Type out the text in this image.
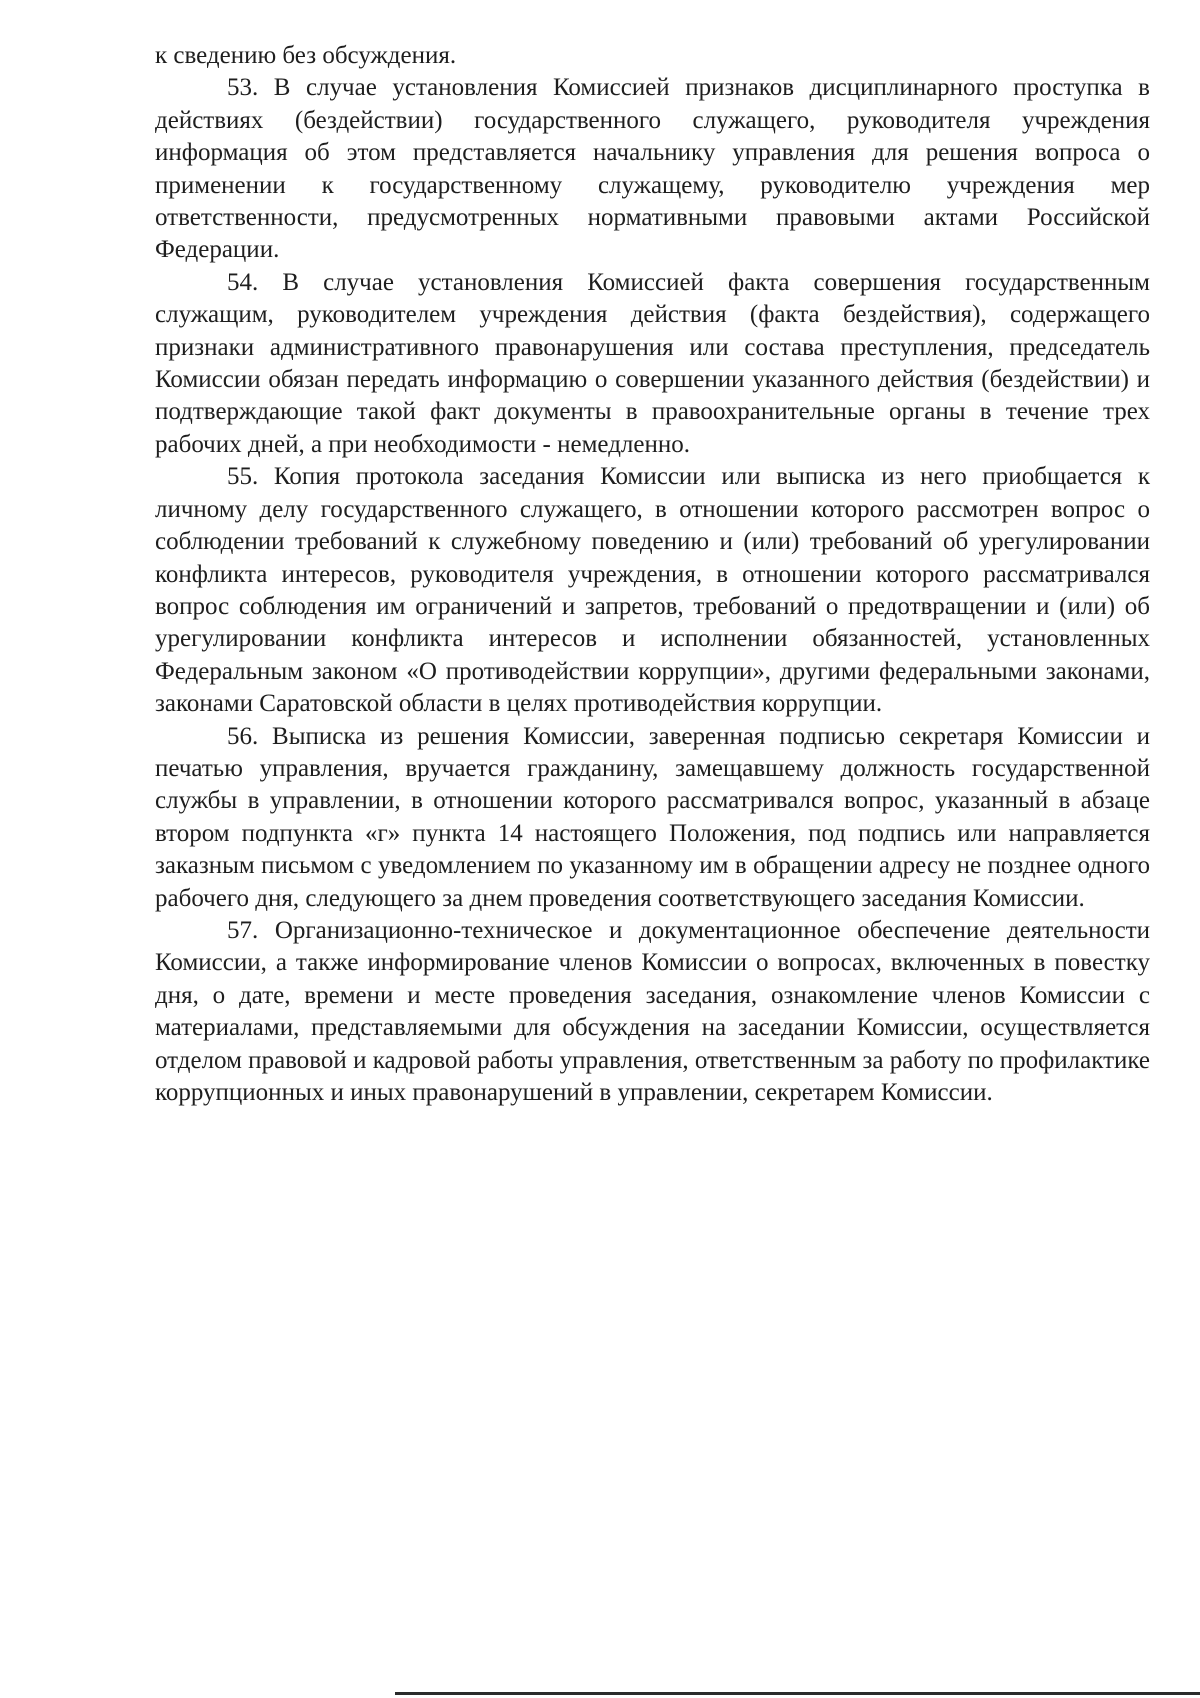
к сведению без обсуждения.

53. В случае установления Комиссией признаков дисциплинарного проступка в действиях (бездействии) государственного служащего, руководителя учреждения информация об этом представляется начальнику управления для решения вопроса о применении к государственному служащему, руководителю учреждения мер ответственности, предусмотренных нормативными правовыми актами Российской Федерации.

54. В случае установления Комиссией факта совершения государственным служащим, руководителем учреждения действия (факта бездействия), содержащего признаки административного правонарушения или состава преступления, председатель Комиссии обязан передать информацию о совершении указанного действия (бездействии) и подтверждающие такой факт документы в правоохранительные органы в течение трех рабочих дней, а при необходимости - немедленно.

55. Копия протокола заседания Комиссии или выписка из него приобщается к личному делу государственного служащего, в отношении которого рассмотрен вопрос о соблюдении требований к служебному поведению и (или) требований об урегулировании конфликта интересов, руководителя учреждения, в отношении которого рассматривался вопрос соблюдения им ограничений и запретов, требований о предотвращении и (или) об урегулировании конфликта интересов и исполнении обязанностей, установленных Федеральным законом «О противодействии коррупции», другими федеральными законами, законами Саратовской области в целях противодействия коррупции.

56. Выписка из решения Комиссии, заверенная подписью секретаря Комиссии и печатью управления, вручается гражданину, замещавшему должность государственной службы в управлении, в отношении которого рассматривался вопрос, указанный в абзаце втором подпункта «г» пункта 14 настоящего Положения, под подпись или направляется заказным письмом с уведомлением по указанному им в обращении адресу не позднее одного рабочего дня, следующего за днем проведения соответствующего заседания Комиссии.

57. Организационно-техническое и документационное обеспечение деятельности Комиссии, а также информирование членов Комиссии о вопросах, включенных в повестку дня, о дате, времени и месте проведения заседания, ознакомление членов Комиссии с материалами, представляемыми для обсуждения на заседании Комиссии, осуществляется отделом правовой и кадровой работы управления, ответственным за работу по профилактике коррупционных и иных правонарушений в управлении, секретарем Комиссии.
